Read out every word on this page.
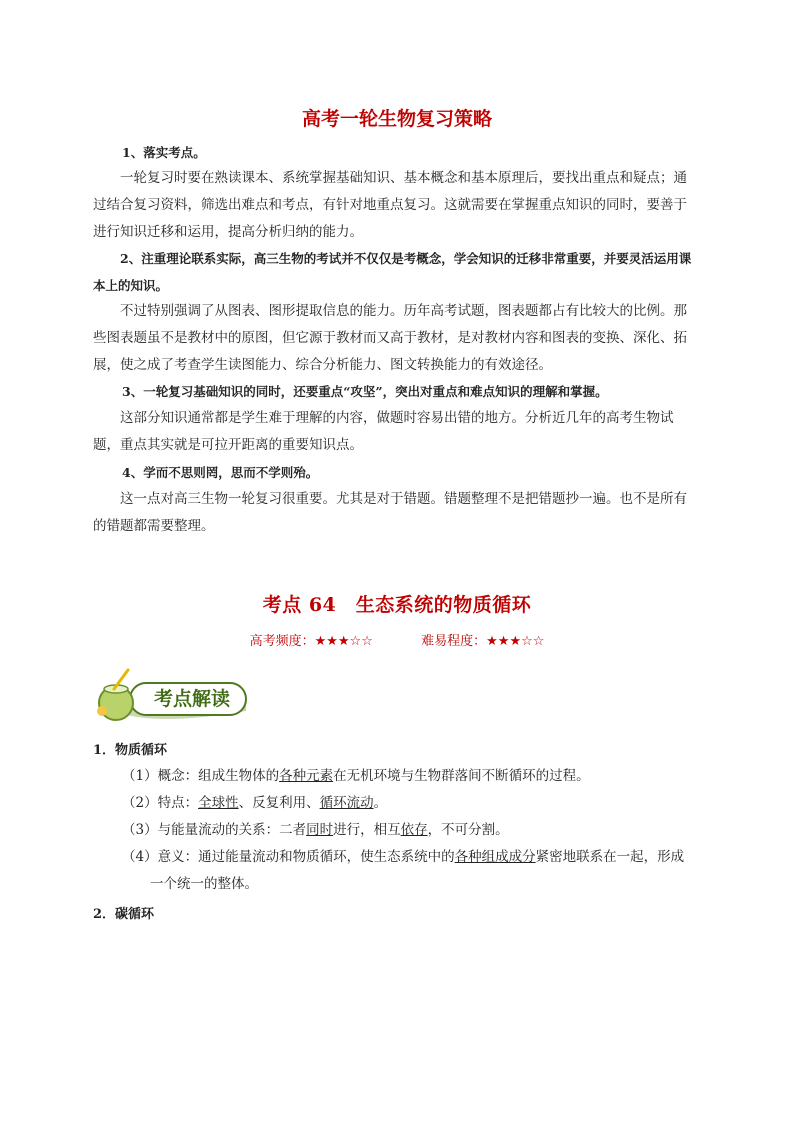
高考一轮生物复习策略
1、落实考点。
一轮复习时要在熟读课本、系统掌握基础知识、基本概念和基本原理后，要找出重点和疑点；通过结合复习资料，筛选出难点和考点，有针对地重点复习。这就需要在掌握重点知识的同时，要善于进行知识迁移和运用，提高分析归纳的能力。
2、注重理论联系实际，高三生物的考试并不仅仅是考概念，学会知识的迁移非常重要，并要灵活运用课本上的知识。
不过特别强调了从图表、图形提取信息的能力。历年高考试题，图表题都占有比较大的比例。那些图表题虽不是教材中的原图，但它源于教材而又高于教材，是对教材内容和图表的变换、深化、拓展，使之成了考查学生读图能力、综合分析能力、图文转换能力的有效途径。
3、一轮复习基础知识的同时，还要重点“攻坚”，突出对重点和难点知识的理解和掌握。
这部分知识通常都是学生难于理解的内容，做题时容易出错的地方。分析近几年的高考生物试题，重点其实就是可拉开距离的重要知识点。
4、学而不思则罔，思而不学则殆。
这一点对高三生物一轮复习很重要。尤其是对于错题。错题整理不是把错题抄一遍。也不是所有的错题都需要整理。
考点 64　生态系统的物质循环
高考频度：★★★☆☆	难易程度：★★★☆☆
考点解读
1．物质循环
（1）概念：组成生物体的各种元素在无机环境与生物群落间不断循环的过程。
（2）特点：全球性、反复利用、循环流动。
（3）与能量流动的关系：二者同时进行，相互依存，不可分割。
（4）意义：通过能量流动和物质循环，使生态系统中的各种组成成分紧密地联系在一起，形成
一个统一的整体。
2．碳循环
